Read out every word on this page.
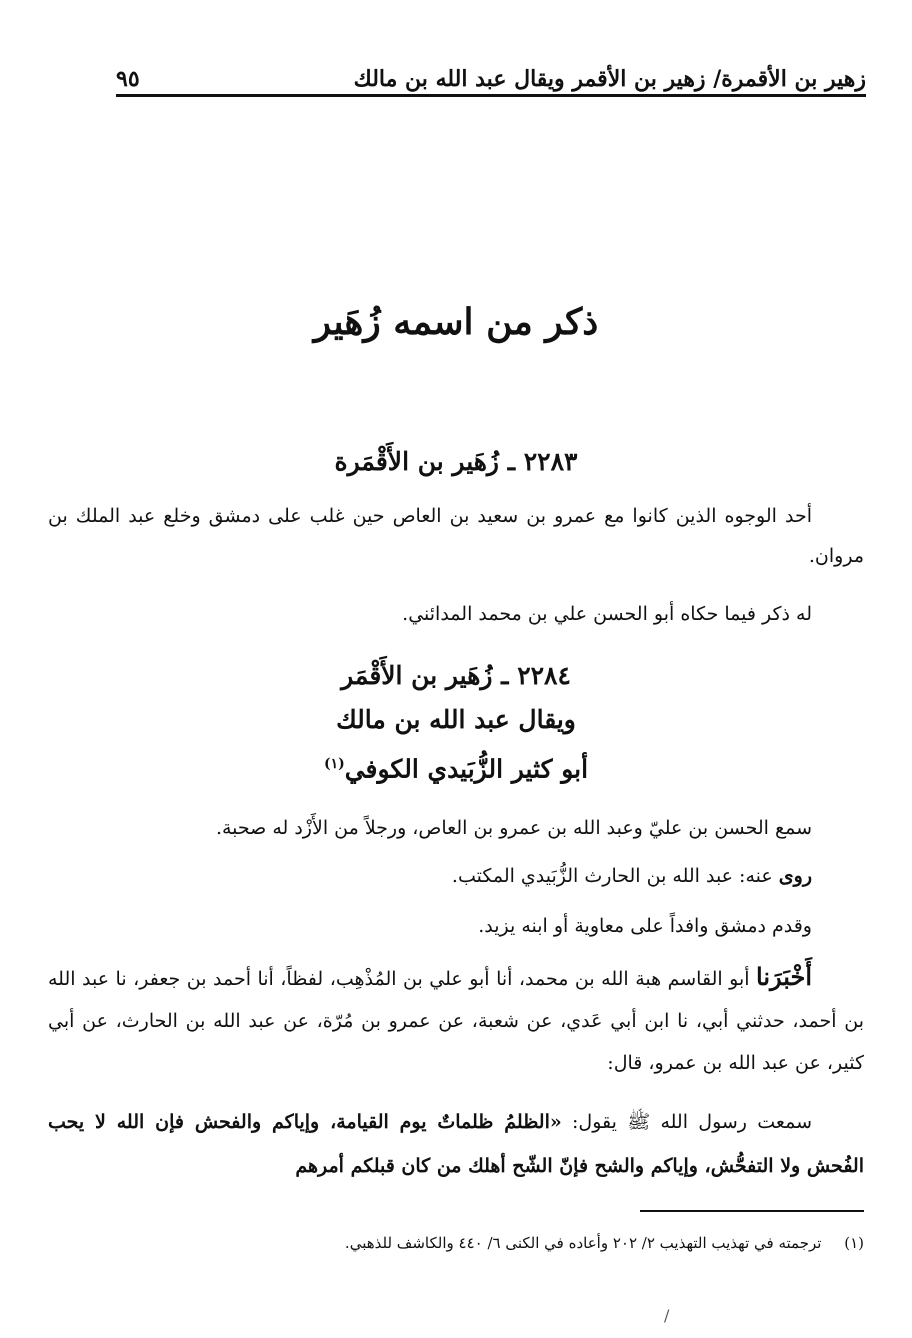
زهير بن الأقمرة/ زهير بن الأقمر ويقال عبد الله بن مالك
٩٥
ذكر من اسمه زُهَير
٢٢٨٣ ـ زُهَير بن الأَقْمَرة
أحد الوجوه الذين كانوا مع عمرو بن سعيد بن العاص حين غلب على دمشق وخلع عبد الملك بن مروان.
له ذكر فيما حكاه أبو الحسن علي بن محمد المدائني.
٢٢٨٤ ـ زُهَير بن الأَقْمَر
ويقال عبد الله بن مالك
أبو كثير الزُّبَيدي الكوفي$^{(١)}$
سمع الحسن بن عليّ وعبد الله بن عمرو بن العاص، ورجلاً من الأَزْد له صحبة.
روى عنه: عبد الله بن الحارث الزُّبَيدي المكتب.
وقدم دمشق وافداً على معاوية أو ابنه يزيد.
أَخْبَرَنا أبو القاسم هبة الله بن محمد، أنا أبو علي بن المُذْهِب، لفظاً، أنا أحمد بن جعفر، نا عبد الله بن أحمد، حدثني أبي، نا ابن أبي عَدي، عن شعبة، عن عمرو بن مُرّة، عن عبد الله بن الحارث، عن أبي كثير، عن عبد الله بن عمرو، قال:
سمعت رسول الله ﷺ يقول: «الظلمُ ظلماتٌ يوم القيامة، وإياكم والفحش فإن الله لا يحب الفُحش ولا التفحُّش، وإياكم والشح فإنّ الشّح أهلك من كان قبلكم أمرهم
(١) ترجمته في تهذيب التهذيب ٢/ ٢٠٢ وأعاده في الكنى ٦/ ٤٤٠ والكاشف للذهبي.
/
